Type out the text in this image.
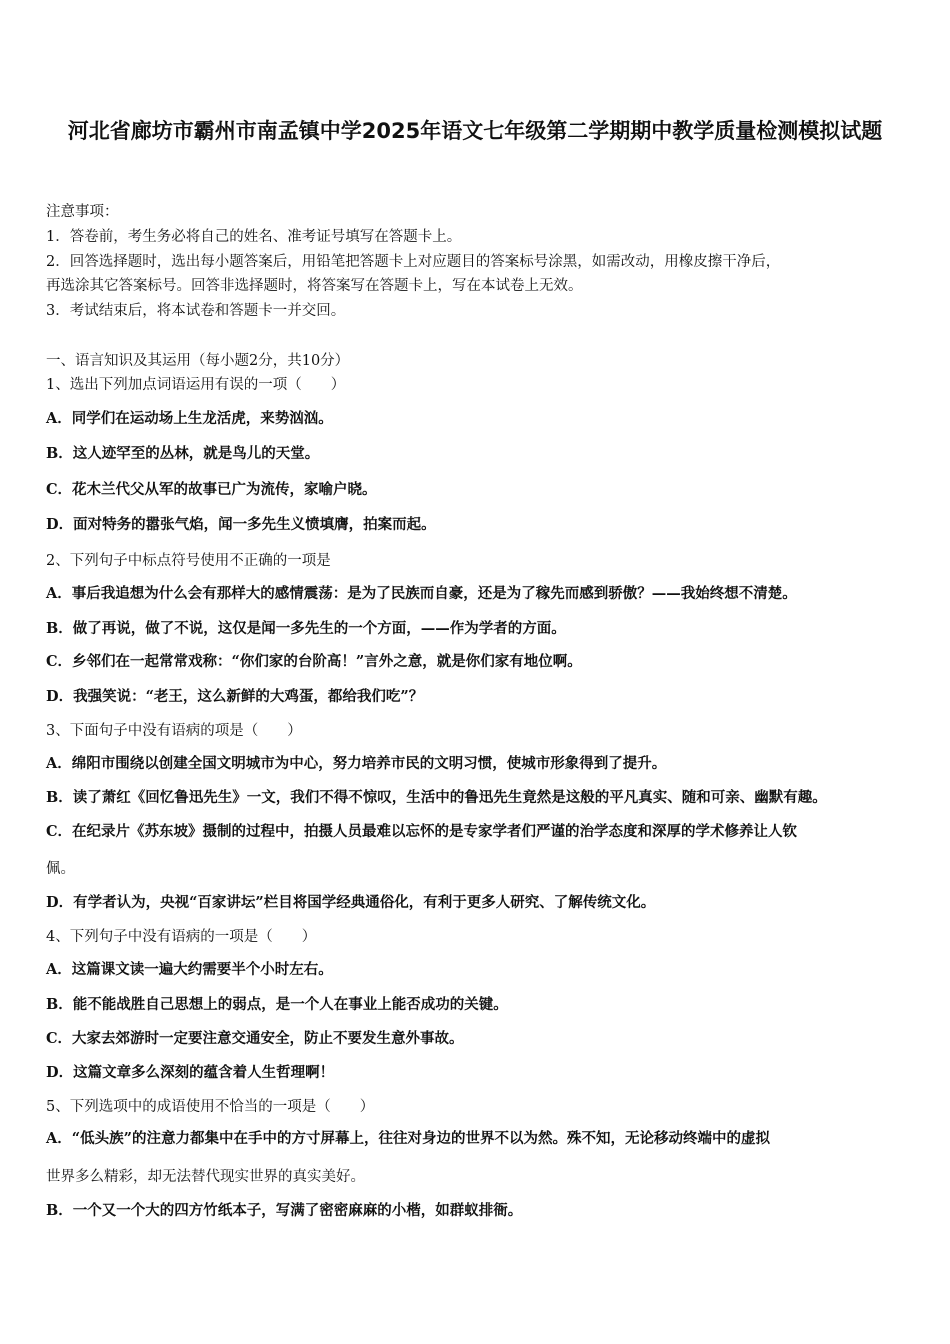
河北省廊坊市霸州市南孟镇中学2025年语文七年级第二学期期中教学质量检测模拟试题
注意事项：
1．答卷前，考生务必将自己的姓名、准考证号填写在答题卡上。
2．回答选择题时，选出每小题答案后，用铅笔把答题卡上对应题目的答案标号涂黑，如需改动，用橡皮擦干净后，
再选涂其它答案标号。回答非选择题时，将答案写在答题卡上，写在本试卷上无效。
3．考试结束后，将本试卷和答题卡一并交回。
一、语言知识及其运用（每小题2分，共10分）
1、选出下列加点词语运用有误的一项（　　）
A．同学们在运动场上生龙活虎，来势汹汹。
B．这人迹罕至的丛林，就是鸟儿的天堂。
C．花木兰代父从军的故事已广为流传，家喻户晓。
D．面对特务的嚣张气焰，闻一多先生义愤填膺，拍案而起。
2、下列句子中标点符号使用不正确的一项是
A．事后我追想为什么会有那样大的感情震荡：是为了民族而自豪，还是为了稼先而感到骄傲？——我始终想不清楚。
B．做了再说，做了不说，这仅是闻一多先生的一个方面，——作为学者的方面。
C．乡邻们在一起常常戏称：“你们家的台阶高！”言外之意，就是你们家有地位啊。
D．我强笑说：“老王，这么新鲜的大鸡蛋，都给我们吃”？
3、下面句子中没有语病的项是（　　）
A．绵阳市围绕以创建全国文明城市为中心，努力培养市民的文明习惯，使城市形象得到了提升。
B．读了萧红《回忆鲁迅先生》一文，我们不得不惊叹，生活中的鲁迅先生竟然是这般的平凡真实、随和可亲、幽默有趣。
C．在纪录片《苏东坡》摄制的过程中，拍摄人员最难以忘怀的是专家学者们严谨的治学态度和深厚的学术修养让人钦
佩。
D．有学者认为，央视“百家讲坛”栏目将国学经典通俗化，有利于更多人研究、了解传统文化。
4、下列句子中没有语病的一项是（　　）
A．这篇课文读一遍大约需要半个小时左右。
B．能不能战胜自己思想上的弱点，是一个人在事业上能否成功的关键。
C．大家去郊游时一定要注意交通安全，防止不要发生意外事故。
D．这篇文章多么深刻的蕴含着人生哲理啊！
5、下列选项中的成语使用不恰当的一项是（　　）
A．“低头族”的注意力都集中在手中的方寸屏幕上，往往对身边的世界不以为然。殊不知，无论移动终端中的虚拟
世界多么精彩，却无法替代现实世界的真实美好。
B．一个又一个大的四方竹纸本子，写满了密密麻麻的小楷，如群蚁排衙。
